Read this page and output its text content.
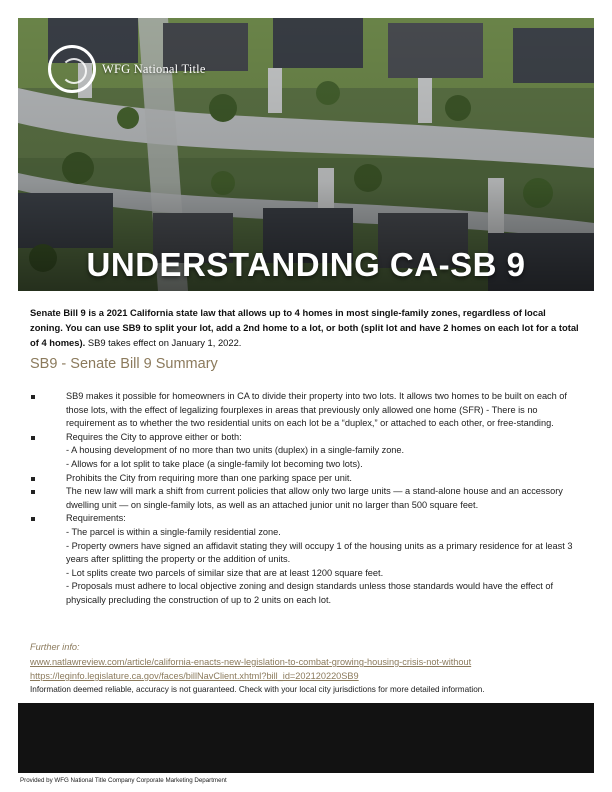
WFG National Title
UNDERSTANDING CA-SB 9
Senate Bill 9 is a 2021 California state law that allows up to 4 homes in most single-family zones, regardless of local zoning. You can use SB9 to split your lot, add a 2nd home to a lot, or both (split lot and have 2 homes on each lot for a total of 4 homes). SB9 takes effect on January 1, 2022.
SB9 - Senate Bill 9 Summary
SB9 makes it possible for homeowners in CA to divide their property into two lots. It allows two homes to be built on each of those lots, with the effect of legalizing fourplexes in areas that previously only allowed one home (SFR) - There is no requirement as to whether the two residential units on each lot be a “duplex,” or attached to each other, or free-standing.
Requires the City to approve either or both:
- A housing development of no more than two units (duplex) in a single-family zone.
- Allows for a lot split to take place (a single-family lot becoming two lots).
Prohibits the City from requiring more than one parking space per unit.
The new law will mark a shift from current policies that allow only two large units — a stand-alone house and an accessory dwelling unit — on single-family lots, as well as an attached junior unit no larger than 500 square feet.
Requirements:
- The parcel is within a single-family residential zone.
- Property owners have signed an affidavit stating they will occupy 1 of the housing units as a primary residence for at least 3 years after splitting the property or the addition of units.
- Lot splits create two parcels of similar size that are at least 1200 square feet.
- Proposals must adhere to local objective zoning and design standards unless those standards would have the effect of physically precluding the construction of up to 2 units on each lot.
Further info:
www.natlawreview.com/article/california-enacts-new-legislation-to-combat-growing-housing-crisis-not-without
https://leginfo.legislature.ca.gov/faces/billNavClient.xhtml?bill_id=202120220SB9
Information deemed reliable, accuracy is not guaranteed. Check with your local city jurisdictions for more detailed information.
Provided by WFG National Title Company Corporate Marketing Department
